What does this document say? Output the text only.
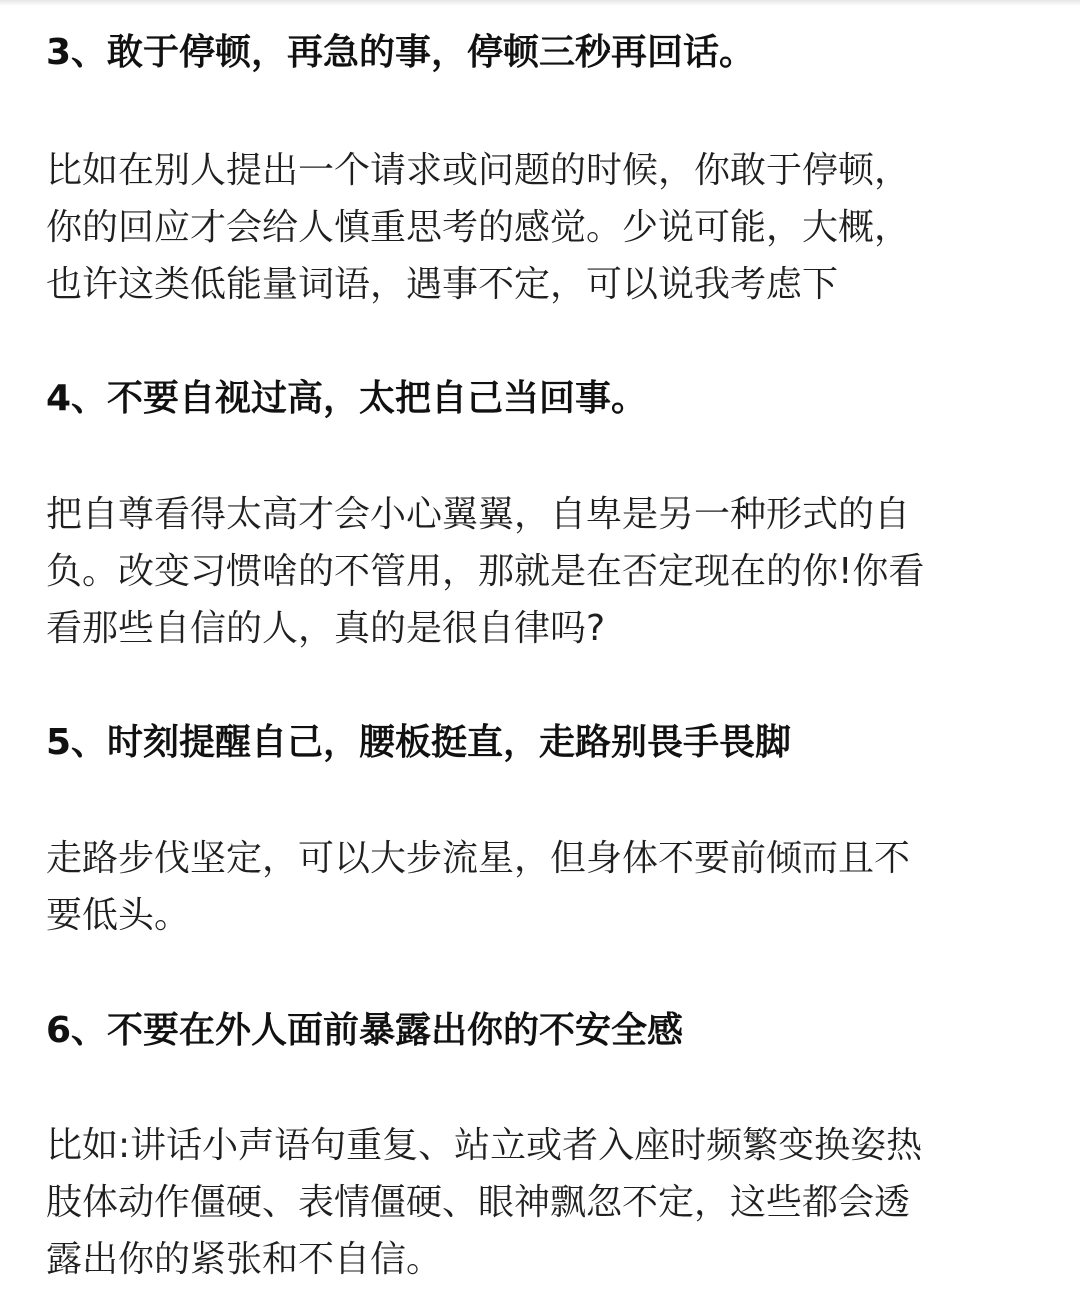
3、敢于停顿，再急的事，停顿三秒再回话。
比如在别人提出一个请求或问题的时候，你敢于停顿，
你的回应才会给人慎重思考的感觉。少说可能，大概，
也许这类低能量词语，遇事不定，可以说我考虑下
4、不要自视过高，太把自己当回事。
把自尊看得太高才会小心翼翼，自卑是另一种形式的自
负。改变习惯啥的不管用，那就是在否定现在的你!你看
看那些自信的人，真的是很自律吗?
5、时刻提醒自己，腰板挺直，走路别畏手畏脚
走路步伐坚定，可以大步流星，但身体不要前倾而且不
要低头。
6、不要在外人面前暴露出你的不安全感
比如:讲话小声语句重复、站立或者入座时频繁变换姿热
肢体动作僵硬、表情僵硬、眼神飘忽不定，这些都会透
露出你的紧张和不自信。
